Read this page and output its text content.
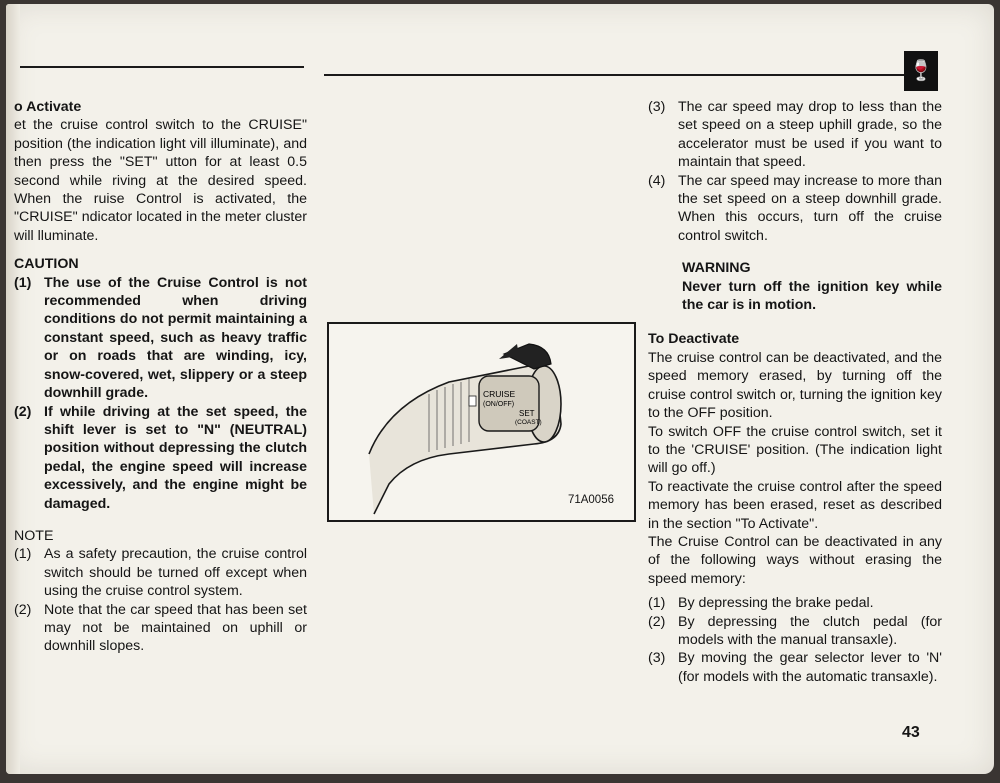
🍷

o Activate

et the cruise control switch to the CRUISE" position (the indication light vill illuminate), and then press the "SET" utton for at least 0.5 second while riving at the desired speed. When the ruise Control is activated, the "CRUISE" ndicator located in the meter cluster will lluminate.

CAUTION

(1) The use of the Cruise Control is not recommended when driving conditions do not permit maintaining a constant speed, such as heavy traffic or on roads that are winding, icy, snow-covered, wet, slippery or a steep downhill grade.
(2) If while driving at the set speed, the shift lever is set to "N" (NEUTRAL) position without depressing the clutch pedal, the engine speed will increase excessively, and the engine might be damaged.

NOTE

(1) As a safety precaution, the cruise control switch should be turned off except when using the cruise control system.
(2) Note that the car speed that has been set may not be maintained on uphill or downhill slopes.
CRUISE
(ON/OFF)
SET
(COAST)
71A0056
(3) The car speed may drop to less than the set speed on a steep uphill grade, so the accelerator must be used if you want to maintain that speed.
(4) The car speed may increase to more than the set speed on a steep downhill grade. When this occurs, turn off the cruise control switch.

WARNING

Never turn off the ignition key while the car is in motion.

To Deactivate

The cruise control can be deactivated, and the speed memory erased, by turning off the cruise control switch or, turning the ignition key to the OFF position.

To switch OFF the cruise control switch, set it to the 'CRUISE' position. (The indication light will go off.)

To reactivate the cruise control after the speed memory has been erased, reset as described in the section "To Activate".

The Cruise Control can be deactivated in any of the following ways without erasing the speed memory:

(1) By depressing the brake pedal.
(2) By depressing the clutch pedal (for models with the manual transaxle).
(3) By moving the gear selector lever to 'N' (for models with the automatic transaxle).
43
